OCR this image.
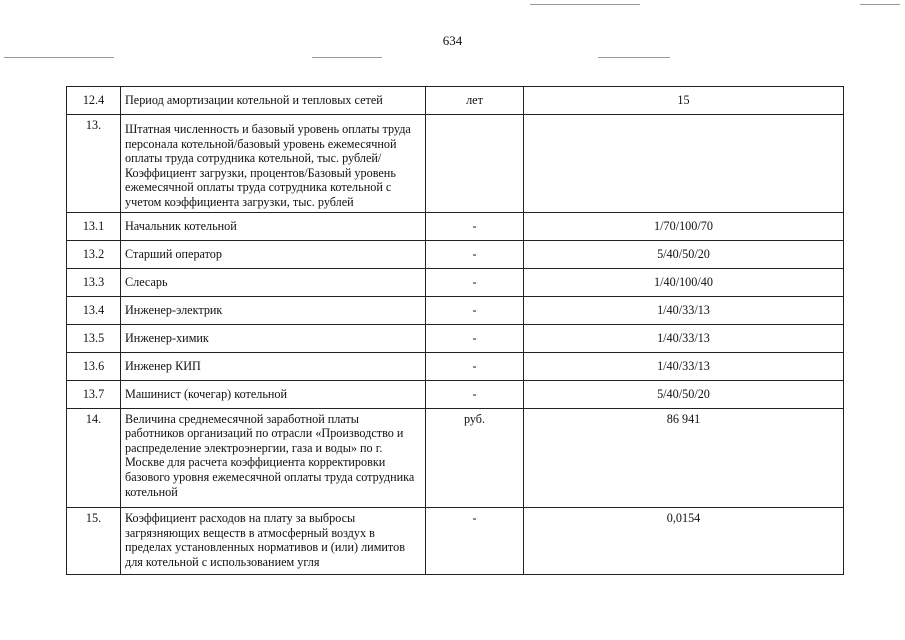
634
12.4	Период амортизации котельной и тепловых сетей	лет	15
13.	Штатная численность и базовый уровень оплаты труда персонала котельной/базовый уровень ежемесячной оплаты труда сотрудника котельной, тыс. рублей/Коэффициент загрузки, процентов/Базовый уровень ежемесячной оплаты труда сотрудника котельной с учетом коэффициента загрузки, тыс. рублей		
13.1	Начальник котельной	-	1/70/100/70
13.2	Старший оператор	-	5/40/50/20
13.3	Слесарь	-	1/40/100/40
13.4	Инженер-электрик	-	1/40/33/13
13.5	Инженер-химик	-	1/40/33/13
13.6	Инженер КИП	-	1/40/33/13
13.7	Машинист (кочегар) котельной	-	5/40/50/20
14.	Величина среднемесячной заработной платы работников организаций по отрасли «Производство и распределение электроэнергии, газа и воды» по г. Москве для расчета коэффициента корректировки базового уровня ежемесячной оплаты труда сотрудника котельной	руб.	86 941
15.	Коэффициент расходов на плату за выбросы загрязняющих веществ в атмосферный воздух в пределах установленных нормативов и (или) лимитов для котельной с использованием угля	-	0,0154
